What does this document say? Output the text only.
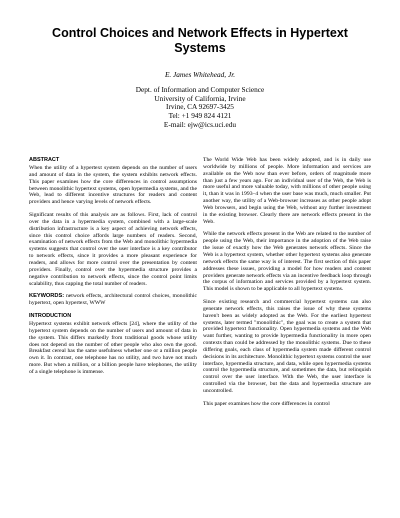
Control Choices and Network Effects in Hypertext Systems
E. James Whitehead, Jr.
Dept. of Information and Computer Science
University of California, Irvine
Irvine, CA 92697-3425
Tel: +1 949 824 4121
E-mail: ejw@ics.uci.edu
ABSTRACT

When the utility of a hypertext system depends on the number of users and amount of data in the system, the system exhibits network effects. This paper examines how the core differences in control assumptions between monolithic hypertext systems, open hypermedia systems, and the Web, lead to different incentive structures for readers and content providers and hence varying levels of network effects.

Significant results of this analysis are as follows. First, lack of control over the data in a hypermedia system, combined with a large-scale distribution infrastructure is a key aspect of achieving network effects, since this control choice affords large numbers of readers. Second, examination of network effects from the Web and monolithic hypermedia systems suggests that control over the user interface is a key contributor to network effects, since it provides a more pleasant experience for readers, and allows for more control over the presentation by content providers. Finally, control over the hypermedia structure provides a negative contribution to network effects, since the control point limits scalability, thus capping the total number of readers.

KEYWORDS: network effects, architectural control choices, monolithic hypertext, open hypertext, WWW

INTRODUCTION

Hypertext systems exhibit network effects [24], where the utility of the hypertext system depends on the number of users and amount of data in the system. This differs markedly from traditional goods whose utility does not depend on the number of other people who also own the good. Breakfast cereal has the same usefulness whether one or a million people own it. In contrast, one telephone has no utility, and two have not much more. But when a million, or a billion people have telephones, the utility of a single telephone is immense.

The World Wide Web has been widely adopted, and is in daily use worldwide by millions of people. More information and services are available on the Web now than ever before, orders of magnitude more than just a few years ago. For an individual user of the Web, the Web is more useful and more valuable today, with millions of other people using it, than it was in 1993–4 when the user base was much, much smaller. Put another way, the utility of a Web-browser increases as other people adopt Web browsers, and begin using the Web, without any further investment in the existing browser. Clearly there are network effects present in the Web.

While the network effects present in the Web are related to the number of people using the Web, their importance in the adoption of the Web raise the issue of exactly how the Web generates network effects. Since the Web is a hypertext system, whether other hypertext systems also generate network effects the same way is of interest. The first section of this paper addresses these issues, providing a model for how readers and content providers generate network effects via an incentive feedback loop through the corpus of information and services provided by a hypertext system. This model is shown to be applicable to all hypertext systems.

Since existing research and commercial hypertext systems can also generate network effects, this raises the issue of why these systems haven't been as widely adopted as the Web. For the earliest hypertext systems, later termed "monolithic", the goal was to create a system that provided hypertext functionality. Open hypermedia systems and the Web want further, wanting to provide hypermedia functionality in more open contexts than could be addressed by the monolithic systems. Due to these differing goals, each class of hypermedia system made different control decisions in its architecture. Monolithic hypertext systems control the user interface, hypermedia structure, and data, while open hypermedia systems control the hypermedia structure, and sometimes the data, but relinquish control over the user interface. With the Web, the user interface is controlled via the browser, but the data and hypermedia structure are uncontrolled.

This paper examines how the core differences in control
